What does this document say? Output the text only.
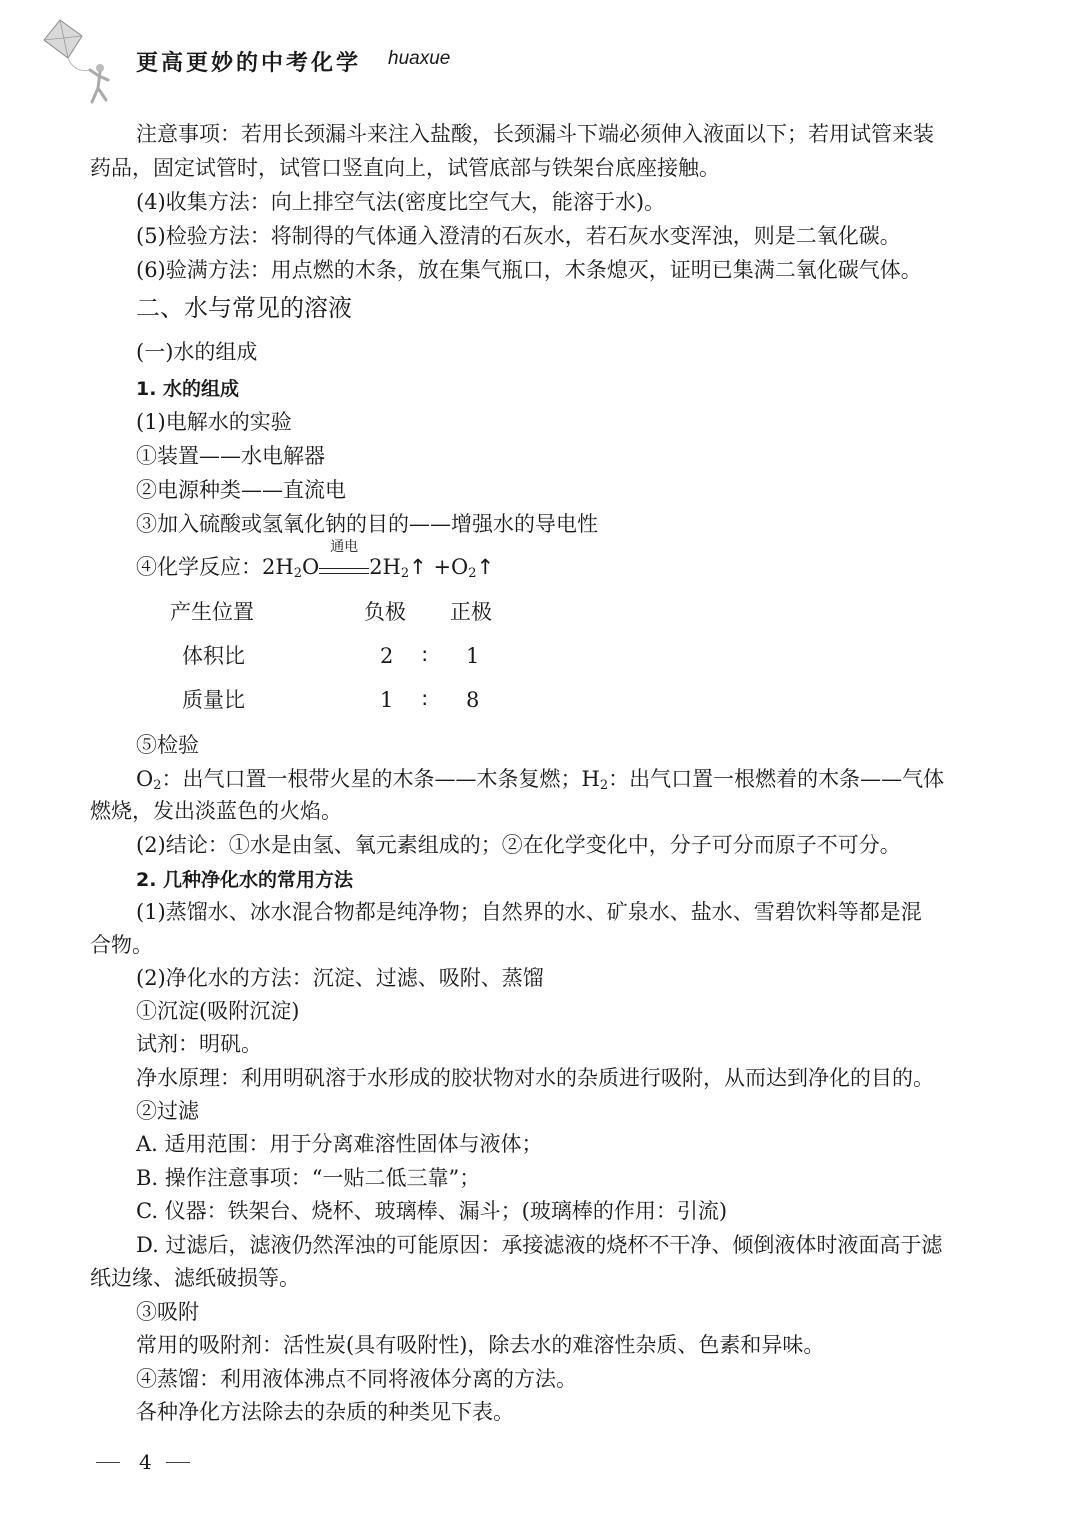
更高更妙的中考化学 huaxue
注意事项：若用长颈漏斗来注入盐酸，长颈漏斗下端必须伸入液面以下；若用试管来装
药品，固定试管时，试管口竖直向上，试管底部与铁架台底座接触。
(4)收集方法：向上排空气法(密度比空气大，能溶于水)。
(5)检验方法：将制得的气体通入澄清的石灰水，若石灰水变浑浊，则是二氧化碳。
(6)验满方法：用点燃的木条，放在集气瓶口，木条熄灭，证明已集满二氧化碳气体。
二、水与常见的溶液
(一)水的组成
1. 水的组成
(1)电解水的实验
①装置——水电解器
②电源种类——直流电
③加入硫酸或氢氧化钠的目的——增强水的导电性
④化学反应：$2H_2O$
通电
$2H_2↑$ $+O_2↑$
产生位置	负极 正极
体积比	2 ∶ 1
质量比	1 ∶ 8
⑤检验
$O_2$：出气口置一根带火星的木条——木条复燃；$H_2$：出气口置一根燃着的木条——气体
燃烧，发出淡蓝色的火焰。
(2)结论：①水是由氢、氧元素组成的；②在化学变化中，分子可分而原子不可分。
2. 几种净化水的常用方法
(1)蒸馏水、冰水混合物都是纯净物；自然界的水、矿泉水、盐水、雪碧饮料等都是混
合物。
(2)净化水的方法：沉淀、过滤、吸附、蒸馏
①沉淀(吸附沉淀)
试剂：明矾。
净水原理：利用明矾溶于水形成的胶状物对水的杂质进行吸附，从而达到净化的目的。
②过滤
A. 适用范围：用于分离难溶性固体与液体；
B. 操作注意事项：“一贴二低三靠”；
C. 仪器：铁架台、烧杯、玻璃棒、漏斗；(玻璃棒的作用：引流)
D. 过滤后，滤液仍然浑浊的可能原因：承接滤液的烧杯不干净、倾倒液体时液面高于滤
纸边缘、滤纸破损等。
③吸附
常用的吸附剂：活性炭(具有吸附性)，除去水的难溶性杂质、色素和异味。
④蒸馏：利用液体沸点不同将液体分离的方法。
各种净化方法除去的杂质的种类见下表。
4
